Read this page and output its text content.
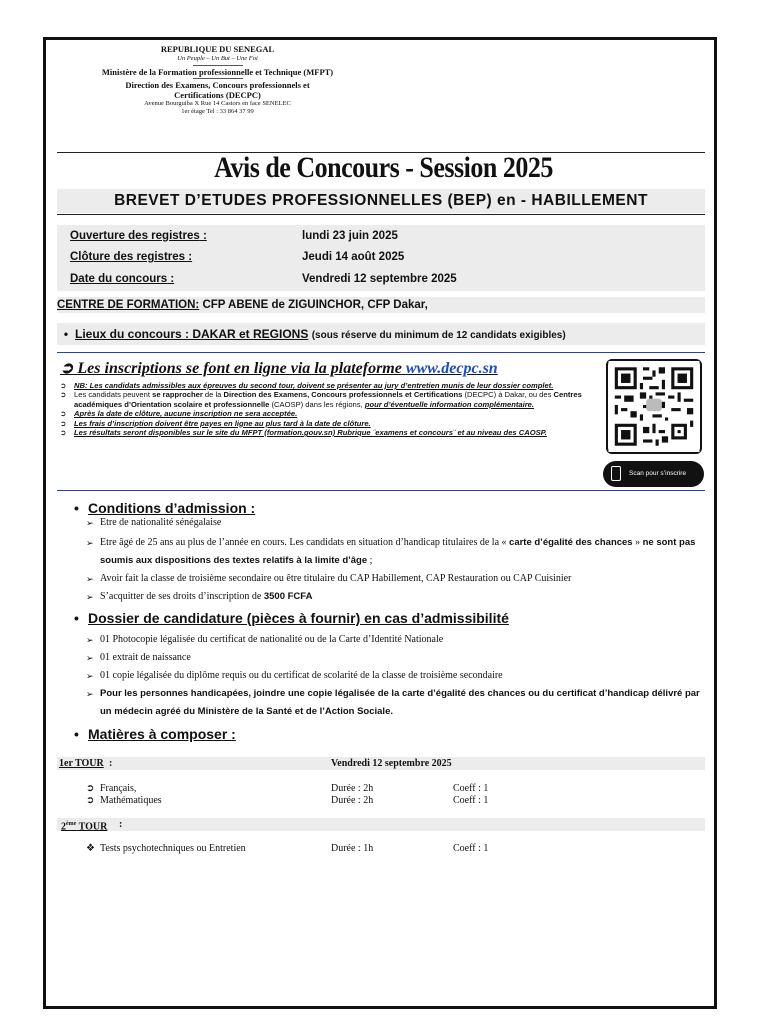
REPUBLIQUE DU SENEGAL
Un Peuple – Un But – Une Foi
Ministère de la Formation professionnelle et Technique (MFPT)
Direction des Examens, Concours professionnels et Certifications (DECPC)
Avenue Bourguiba X Rue 14 Castors en face SENELEC
1er étage Tel : 33 864 37 99
Avis de Concours - Session 2025
BREVET D’ETUDES PROFESSIONNELLES (BEP) en - HABILLEMENT
Ouverture des registres :	lundi 23 juin 2025
Clôture des registres :	Jeudi 14 août 2025
Date du concours :	Vendredi 12 septembre 2025
CENTRE DE FORMATION: CFP ABENE de ZIGUINCHOR, CFP Dakar,
• Lieux du concours : DAKAR et REGIONS (sous réserve du minimum de 12 candidats exigibles)
➲ Les inscriptions se font en ligne via la plateforme www.decpc.sn

➲ NB: Les candidats admissibles aux épreuves du second tour, doivent se présenter au jury d’entretien munis de leur dossier complet.

➲ Les candidats peuvent se rapprocher de la Direction des Examens, Concours professionnels et Certifications (DECPC) à Dakar, ou des Centres académiques d’Orientation scolaire et professionnelle (CAOSP) dans les régions, pour d’éventuelle information complémentaire.

➲ Après la date de clôture, aucune inscription ne sera acceptée.

➲ Les frais d’inscription doivent être payes en ligne au plus tard à la date de clôture.

➲ Les résultats seront disponibles sur le site du MFPT (formation.gouv.sn) Rubrique ¨examens et concours¨ et au niveau des CAOSP.

Scan pour s’inscrire
• Conditions d’admission :
➢ Etre de nationalité sénégalaise
➢ Etre âgé de 25 ans au plus de l’année en cours. Les candidats en situation d’handicap titulaires de la « carte d’égalité des chances » ne sont pas soumis aux dispositions des textes relatifs à la limite d’âge ;
➢ Avoir fait la classe de troisième secondaire ou être titulaire du CAP Habillement, CAP Restauration ou CAP Cuisinier
➢ S’acquitter de ses droits d’inscription de 3500 FCFA
• Dossier de candidature (pièces à fournir) en cas d’admissibilité
➢ 01 Photocopie légalisée du certificat de nationalité ou de la Carte d’Identité Nationale
➢ 01 extrait de naissance
➢ 01 copie légalisée du diplôme requis ou du certificat de scolarité de la classe de troisième secondaire
➢ Pour les personnes handicapées, joindre une copie légalisée de la carte d’égalité des chances ou du certificat d’handicap délivré par un médecin agréé du Ministère de la Santé et de l’Action Sociale.
• Matières à composer :
1er TOUR :	Vendredi 12 septembre 2025
➲ Français,	Durée : 2h	Coeff : 1
➲ Mathématiques	Durée : 2h	Coeff : 1
2ème TOUR :
❖ Tests psychotechniques ou Entretien	Durée : 1h	Coeff : 1
